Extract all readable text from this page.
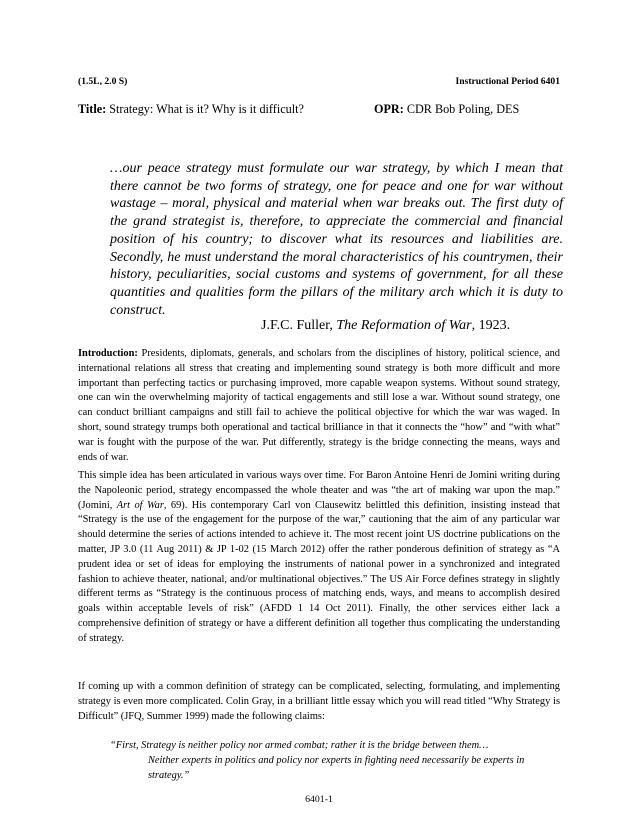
(1.5L, 2.0 S)	Instructional Period 6401
Title: Strategy: What is it? Why is it difficult?	OPR: CDR Bob Poling, DES

…our peace strategy must formulate our war strategy, by which I mean that there cannot be two forms of strategy, one for peace and one for war without wastage – moral, physical and material when war breaks out. The first duty of the grand strategist is, therefore, to appreciate the commercial and financial position of his country; to discover what its resources and liabilities are. Secondly, he must understand the moral characteristics of his countrymen, their history, peculiarities, social customs and systems of government, for all these quantities and qualities form the pillars of the military arch which it is duty to construct.

J.F.C. Fuller, The Reformation of War, 1923.

Introduction: Presidents, diplomats, generals, and scholars from the disciplines of history, political science, and international relations all stress that creating and implementing sound strategy is both more difficult and more important than perfecting tactics or purchasing improved, more capable weapon systems. Without sound strategy, one can win the overwhelming majority of tactical engagements and still lose a war. Without sound strategy, one can conduct brilliant campaigns and still fail to achieve the political objective for which the war was waged. In short, sound strategy trumps both operational and tactical brilliance in that it connects the “how” and “with what” war is fought with the purpose of the war. Put differently, strategy is the bridge connecting the means, ways and ends of war.

This simple idea has been articulated in various ways over time. For Baron Antoine Henri de Jomini writing during the Napoleonic period, strategy encompassed the whole theater and was “the art of making war upon the map.” (Jomini, Art of War, 69). His contemporary Carl von Clausewitz belittled this definition, insisting instead that “Strategy is the use of the engagement for the purpose of the war,” cautioning that the aim of any particular war should determine the series of actions intended to achieve it. The most recent joint US doctrine publications on the matter, JP 3.0 (11 Aug 2011) & JP 1-02 (15 March 2012) offer the rather ponderous definition of strategy as “A prudent idea or set of ideas for employing the instruments of national power in a synchronized and integrated fashion to achieve theater, national, and/or multinational objectives.” The US Air Force defines strategy in slightly different terms as “Strategy is the continuous process of matching ends, ways, and means to accomplish desired goals within acceptable levels of risk” (AFDD 1 14 Oct 2011). Finally, the other services either lack a comprehensive definition of strategy or have a different definition all together thus complicating the understanding of strategy.

If coming up with a common definition of strategy can be complicated, selecting, formulating, and implementing strategy is even more complicated. Colin Gray, in a brilliant little essay which you will read titled “Why Strategy is Difficult” (JFQ, Summer 1999) made the following claims:

“First, Strategy is neither policy nor armed combat; rather it is the bridge between them…
Neither experts in politics and policy nor experts in fighting need necessarily be experts in strategy.”
6401-1
